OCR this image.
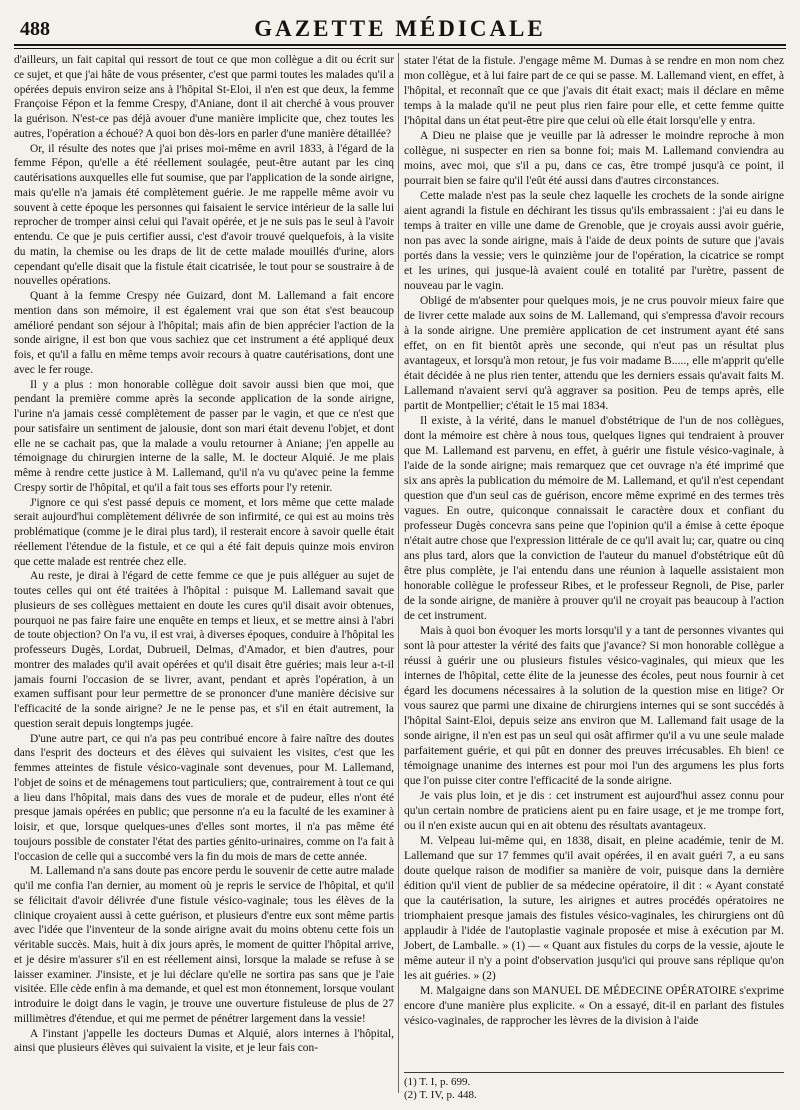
488	GAZETTE MÉDICALE

d'ailleurs, un fait capital qui ressort de tout ce que mon collègue a dit ou écrit sur ce sujet, et que j'ai hâte de vous présenter, c'est que parmi toutes les malades qu'il a opérées depuis environ seize ans à l'hôpital St-Eloi, il n'en est que deux, la femme Françoise Fépon et la femme Crespy, d'Aniane, dont il ait cherché à vous prouver la guérison. N'est-ce pas déjà avouer d'une manière implicite que, chez toutes les autres, l'opération a échoué? A quoi bon dès-lors en parler d'une manière détaillée?

Or, il résulte des notes que j'ai prises moi-même en avril 1833, à l'égard de la femme Fépon, qu'elle a été réellement soulagée, peut-être autant par les cinq cautérisations auxquelles elle fut soumise, que par l'application de la sonde airigne, mais qu'elle n'a jamais été complètement guérie. Je me rappelle même avoir vu souvent à cette époque les personnes qui faisaient le service intérieur de la salle lui reprocher de tromper ainsi celui qui l'avait opérée, et je ne suis pas le seul à l'avoir entendu. Ce que je puis certifier aussi, c'est d'avoir trouvé quelquefois, à la visite du matin, la chemise ou les draps de lit de cette malade mouillés d'urine, alors cependant qu'elle disait que la fistule était cicatrisée, le tout pour se soustraire à de nouvelles opérations.

Quant à la femme Crespy née Guizard, dont M. Lallemand a fait encore mention dans son mémoire, il est également vrai que son état s'est beaucoup amélioré pendant son séjour à l'hôpital; mais afin de bien apprécier l'action de la sonde airigne, il est bon que vous sachiez que cet instrument a été appliqué deux fois, et qu'il a fallu en même temps avoir recours à quatre cautérisations, dont une avec le fer rouge.

Il y a plus : mon honorable collègue doit savoir aussi bien que moi, que pendant la première comme après la seconde application de la sonde airigne, l'urine n'a jamais cessé complètement de passer par le vagin, et que ce n'est que pour satisfaire un sentiment de jalousie, dont son mari était devenu l'objet, et dont elle ne se cachait pas, que la malade a voulu retourner à Aniane; j'en appelle au témoignage du chirurgien interne de la salle, M. le docteur Alquié. Je me plais même à rendre cette justice à M. Lallemand, qu'il n'a vu qu'avec peine la femme Crespy sortir de l'hôpital, et qu'il a fait tous ses efforts pour l'y retenir.

J'ignore ce qui s'est passé depuis ce moment, et lors même que cette malade serait aujourd'hui complètement délivrée de son infirmité, ce qui est au moins très problématique (comme je le dirai plus tard), il resterait encore à savoir quelle était réellement l'étendue de la fistule, et ce qui a été fait depuis quinze mois environ que cette malade est rentrée chez elle.

Au reste, je dirai à l'égard de cette femme ce que je puis alléguer au sujet de toutes celles qui ont été traitées à l'hôpital : puisque M. Lallemand savait que plusieurs de ses collègues mettaient en doute les cures qu'il disait avoir obtenues, pourquoi ne pas faire faire une enquête en temps et lieux, et se mettre ainsi à l'abri de toute objection? On l'a vu, il est vrai, à diverses époques, conduire à l'hôpital les professeurs Dugès, Lordat, Dubrueil, Delmas, d'Amador, et bien d'autres, pour montrer des malades qu'il avait opérées et qu'il disait être guéries; mais leur a-t-il jamais fourni l'occasion de se livrer, avant, pendant et après l'opération, à un examen suffisant pour leur permettre de se prononcer d'une manière décisive sur l'efficacité de la sonde airigne? Je ne le pense pas, et s'il en était autrement, la question serait depuis longtemps jugée.

D'une autre part, ce qui n'a pas peu contribué encore à faire naître des doutes dans l'esprit des docteurs et des élèves qui suivaient les visites, c'est que les femmes atteintes de fistule vésico-vaginale sont devenues, pour M. Lallemand, l'objet de soins et de ménagemens tout particuliers; que, contrairement à tout ce qui a lieu dans l'hôpital, mais dans des vues de morale et de pudeur, elles n'ont été presque jamais opérées en public; que personne n'a eu la faculté de les examiner à loisir, et que, lorsque quelques-unes d'elles sont mortes, il n'a pas même été toujours possible de constater l'état des parties génito-urinaires, comme on l'a fait à l'occasion de celle qui a succombé vers la fin du mois de mars de cette année.

M. Lallemand n'a sans doute pas encore perdu le souvenir de cette autre malade qu'il me confia l'an dernier, au moment où je repris le service de l'hôpital, et qu'il se félicitait d'avoir délivrée d'une fistule vésico-vaginale; tous les élèves de la clinique croyaient aussi à cette guérison, et plusieurs d'entre eux sont même partis avec l'idée que l'inventeur de la sonde airigne avait du moins obtenu cette fois un véritable succès. Mais, huit à dix jours après, le moment de quitter l'hôpital arrive, et je désire m'assurer s'il en est réellement ainsi, lorsque la malade se refuse à se laisser examiner. J'insiste, et je lui déclare qu'elle ne sortira pas sans que je l'aie visitée. Elle cède enfin à ma demande, et quel est mon étonnement, lorsque voulant introduire le doigt dans le vagin, je trouve une ouverture fistuleuse de plus de 27 millimètres d'étendue, et qui me permet de pénétrer largement dans la vessie!

A l'instant j'appelle les docteurs Dumas et Alquié, alors internes à l'hôpital, ainsi que plusieurs élèves qui suivaient la visite, et je leur fais con-

stater l'état de la fistule. J'engage même M. Dumas à se rendre en mon nom chez mon collègue, et à lui faire part de ce qui se passe. M. Lallemand vient, en effet, à l'hôpital, et reconnaît que ce que j'avais dit était exact; mais il déclare en même temps à la malade qu'il ne peut plus rien faire pour elle, et cette femme quitte l'hôpital dans un état peut-être pire que celui où elle était lorsqu'elle y entra.

A Dieu ne plaise que je veuille par là adresser le moindre reproche à mon collègue, ni suspecter en rien sa bonne foi; mais M. Lallemand conviendra au moins, avec moi, que s'il a pu, dans ce cas, être trompé jusqu'à ce point, il pourrait bien se faire qu'il l'eût été aussi dans d'autres circonstances.

Cette malade n'est pas la seule chez laquelle les crochets de la sonde airigne aient agrandi la fistule en déchirant les tissus qu'ils embrassaient : j'ai eu dans le temps à traiter en ville une dame de Grenoble, que je croyais aussi avoir guérie, non pas avec la sonde airigne, mais à l'aide de deux points de suture que j'avais portés dans la vessie; vers le quinzième jour de l'opération, la cicatrice se rompt et les urines, qui jusque-là avaient coulé en totalité par l'urètre, passent de nouveau par le vagin.

Obligé de m'absenter pour quelques mois, je ne crus pouvoir mieux faire que de livrer cette malade aux soins de M. Lallemand, qui s'empressa d'avoir recours à la sonde airigne. Une première application de cet instrument ayant été sans effet, on en fit bientôt après une seconde, qui n'eut pas un résultat plus avantageux, et lorsqu'à mon retour, je fus voir madame B....., elle m'apprit qu'elle était décidée à ne plus rien tenter, attendu que les derniers essais qu'avait faits M. Lallemand n'avaient servi qu'à aggraver sa position. Peu de temps après, elle partit de Montpellier; c'était le 15 mai 1834.

Il existe, à la vérité, dans le manuel d'obstétrique de l'un de nos collègues, dont la mémoire est chère à nous tous, quelques lignes qui tendraient à prouver que M. Lallemand est parvenu, en effet, à guérir une fistule vésico-vaginale, à l'aide de la sonde airigne; mais remarquez que cet ouvrage n'a été imprimé que six ans après la publication du mémoire de M. Lallemand, et qu'il n'est cependant question que d'un seul cas de guérison, encore même exprimé en des termes très vagues. En outre, quiconque connaissait le caractère doux et confiant du professeur Dugès concevra sans peine que l'opinion qu'il a émise à cette époque n'était autre chose que l'expression littérale de ce qu'il avait lu; car, quatre ou cinq ans plus tard, alors que la conviction de l'auteur du manuel d'obstétrique eût dû être plus complète, je l'ai entendu dans une réunion à laquelle assistaient mon honorable collègue le professeur Ribes, et le professeur Regnoli, de Pise, parler de la sonde airigne, de manière à prouver qu'il ne croyait pas beaucoup à l'action de cet instrument.

Mais à quoi bon évoquer les morts lorsqu'il y a tant de personnes vivantes qui sont là pour attester la vérité des faits que j'avance? Si mon honorable collègue a réussi à guérir une ou plusieurs fistules vésico-vaginales, qui mieux que les internes de l'hôpital, cette élite de la jeunesse des écoles, peut nous fournir à cet égard les documens nécessaires à la solution de la question mise en litige? Or vous saurez que parmi une dixaine de chirurgiens internes qui se sont succédés à l'hôpital Saint-Eloi, depuis seize ans environ que M. Lallemand fait usage de la sonde airigne, il n'en est pas un seul qui osât affirmer qu'il a vu une seule malade parfaitement guérie, et qui pût en donner des preuves irrécusables. Eh bien! ce témoignage unanime des internes est pour moi l'un des argumens les plus forts que l'on puisse citer contre l'efficacité de la sonde airigne.

Je vais plus loin, et je dis : cet instrument est aujourd'hui assez connu pour qu'un certain nombre de praticiens aient pu en faire usage, et je me trompe fort, ou il n'en existe aucun qui en ait obtenu des résultats avantageux.

M. Velpeau lui-même qui, en 1838, disait, en pleine académie, tenir de M. Lallemand que sur 17 femmes qu'il avait opérées, il en avait guéri 7, a eu sans doute quelque raison de modifier sa manière de voir, puisque dans la dernière édition qu'il vient de publier de sa médecine opératoire, il dit : « Ayant constaté que la cautérisation, la suture, les airignes et autres procédés opératoires ne triomphaient presque jamais des fistules vésico-vaginales, les chirurgiens ont dû applaudir à l'idée de l'autoplastie vaginale proposée et mise à exécution par M. Jobert, de Lamballe. » (1) — « Quant aux fistules du corps de la vessie, ajoute le même auteur il n'y a point d'observation jusqu'ici qui prouve sans réplique qu'on les ait guéries. » (2)

M. Malgaigne dans son MANUEL DE MÉDECINE OPÉRATOIRE s'exprime encore d'une manière plus explicite. « On a essayé, dit-il en parlant des fistules vésico-vaginales, de rapprocher les lèvres de la division à l'aide

(1) T. I, p. 699.
(2) T. IV, p. 448.
